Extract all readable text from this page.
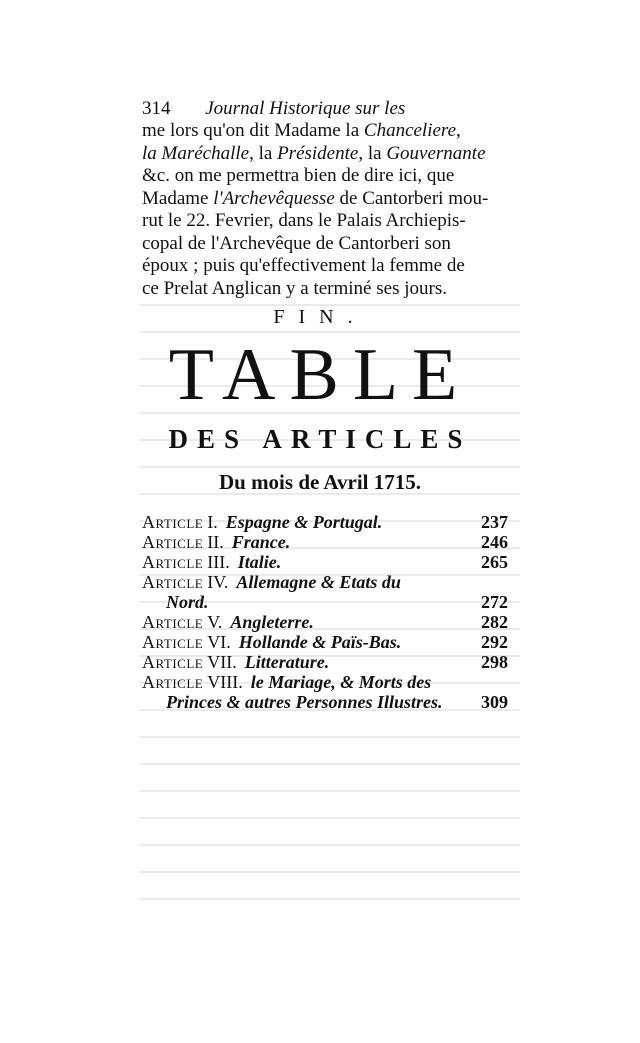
314 Journal Historique sur les
me lors qu'on dit Madame la Chanceliere,
la Maréchalle, la Présidente, la Gouvernante
&c. on me permettra bien de dire ici, que
Madame l'Archevêquesse de Cantorberi mou-
rut le 22. Fevrier, dans le Palais Archiepis-
copal de l'Archevêque de Cantorberi son
époux ; puis qu'effectivement la femme de
ce Prelat Anglican y a terminé ses jours.
FIN.
TABLE
DES ARTICLES
Du mois de Avril 1715.
Article I. Espagne & Portugal.	237
Article II. France.	246
Article III. Italie.	265
Article IV. Allemagne & Etats du
Nord.	272
Article V. Angleterre.	282
Article VI. Hollande & Païs-Bas.	292
Article VII. Litterature.	298
Article VIII. le Mariage, & Morts des
Princes & autres Personnes Illustres.	309
